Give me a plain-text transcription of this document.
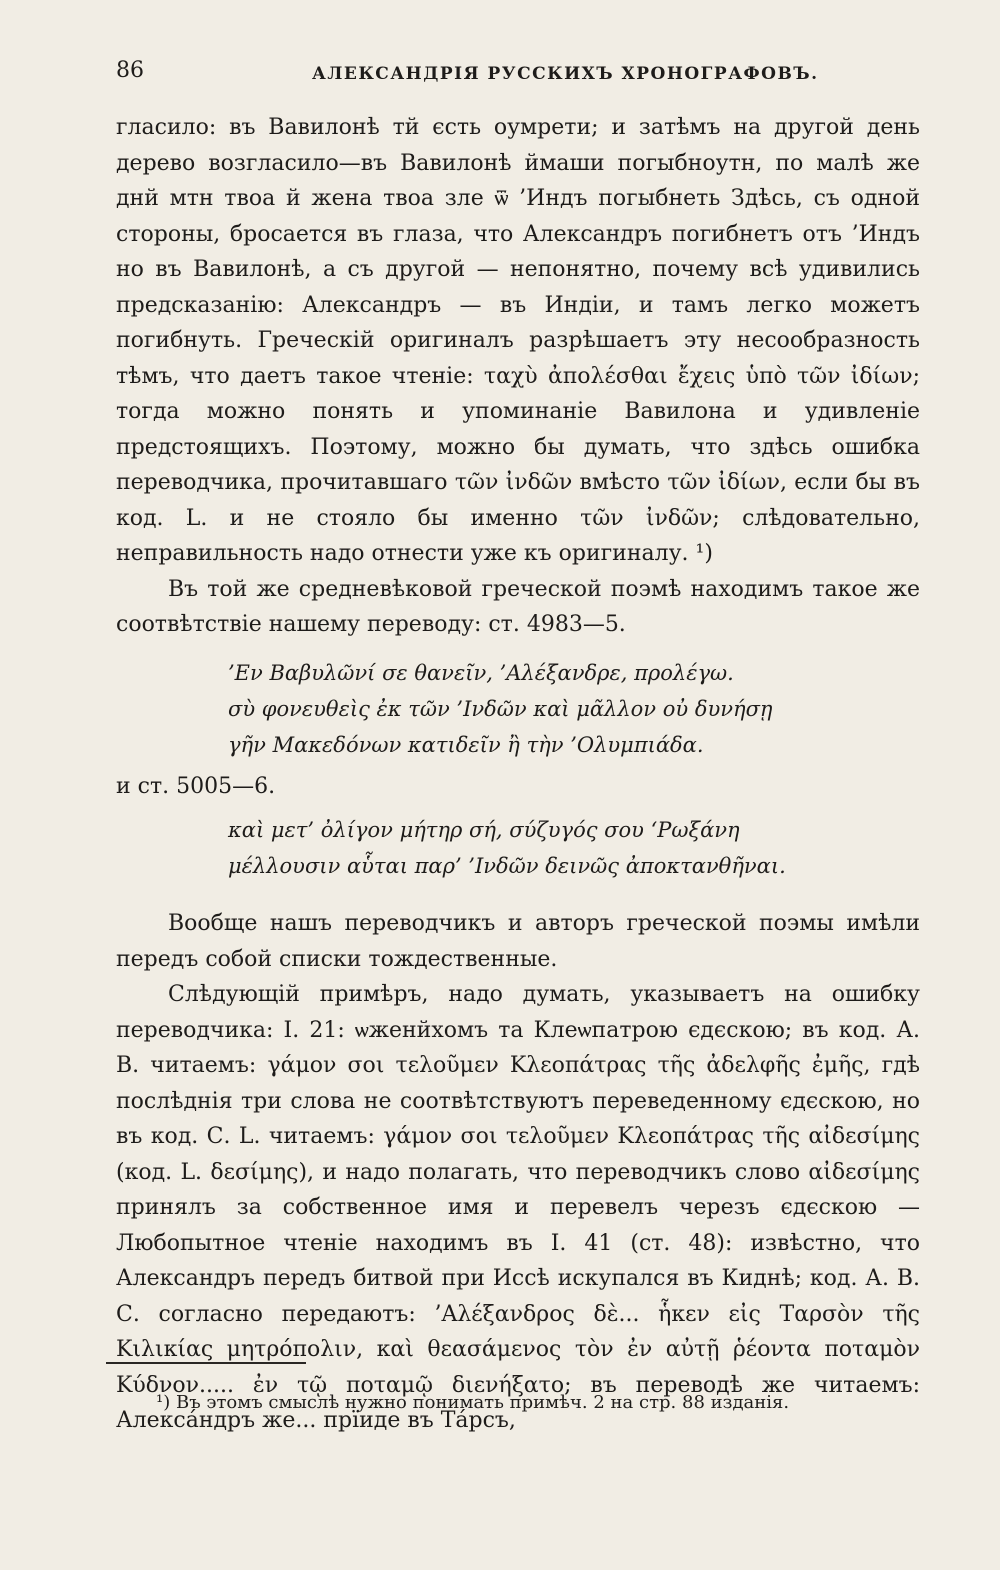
86	АЛЕКСАНДРІЯ РУССКИХЪ ХРОНОГРАФОВЪ.

гласило: въ Вавилонѣ тй єсть оумрети; и затѣмъ на другой день дерево возгласило—въ Вавилонѣ ймаши погыбноутн, по малѣ же днй мтн твоа й жена твоа зле ѿ ’Индъ погыбнеть Здѣсь, съ одной стороны, бросается въ глаза, что Александръ погибнетъ отъ ’Индъ но въ Вавилонѣ, а съ другой — непонятно, почему всѣ удивились предсказанію: Александръ — въ Индіи, и тамъ легко можетъ погибнуть. Греческій оригиналъ разрѣшаетъ эту несообразность тѣмъ, что даетъ такое чтеніе: ταχὺ ἀπολέσθαι ἔχεις ὑπὸ τῶν ἰδίων; тогда можно понять и упоминаніе Вавилона и удивленіе предстоящихъ. Поэтому, можно бы думать, что здѣсь ошибка переводчика, прочитавшаго τῶν ἰνδῶν вмѣсто τῶν ἰδίων, если бы въ код. L. и не стояло бы именно τῶν ἰνδῶν; слѣдовательно, неправильность надо отнести уже къ оригиналу. ¹)

Въ той же средневѣковой греческой поэмѣ находимъ такое же соотвѣтствіе нашему переводу: ст. 4983—5.

’Εν Βαβυλῶνί σε θανεῖν, ’Αλέξανδρε, προλέγω.
σὺ φονευθεὶς ἐκ τῶν ’Ινδῶν καὶ μᾶλλον οὐ δυνήσῃ
γῆν Μακεδόνων κατιδεῖν ἢ τὴν ’Ολυμπιάδα.

и ст. 5005—6.

καὶ μετ’ ὀλίγον μήτηρ σή, σύζυγός σου ‘Ρωξάνη
μέλλουσιν αὗται παρ’ ’Ινδῶν δεινῶς ἀποκτανθῆναι.

Вообще нашъ переводчикъ и авторъ греческой поэмы имѣли передъ собой списки тождественные.

Слѣдующій примѣръ, надо думать, указываетъ на ошибку переводчика: I. 21: ѡженйхомъ та Клеѡпатрою єдєскою; въ код. А. В. читаемъ: γάμον σοι τελοῦμεν Κλεοπάτρας τῆς ἀδελφῆς ἐμῆς, гдѣ послѣднія три слова не соотвѣтствуютъ переведенному єдєскою, но въ код. С. L. читаемъ: γάμον σοι τελοῦμεν Κλεοπάτρας τῆς αἰδεσίμης (код. L. δεσίμης), и надо полагать, что переводчикъ слово αἰδεσίμης принялъ за собственное имя и перевелъ черезъ єдєскою —Любопытное чтеніе находимъ въ I. 41 (ст. 48): извѣстно, что Александръ передъ битвой при Иссѣ искупался въ Киднѣ; код. А. В. С. согласно передаютъ: ’Αλέξανδρος δὲ... ἧκεν εἰς Ταρσὸν τῆς Κιλικίας μητρόπολιν, καὶ θεασάμενος τὸν ἐν αὐτῇ ῥέοντα ποταμὸν Κύδνον..... ἐν τῷ ποταμῷ διενήξατο; въ переводѣ же читаемъ: Алексáндръ же... прїиде въ Тáрсъ,

¹) Въ этомъ смыслѣ нужно понимать примѣч. 2 на стр. 88 изданія.
